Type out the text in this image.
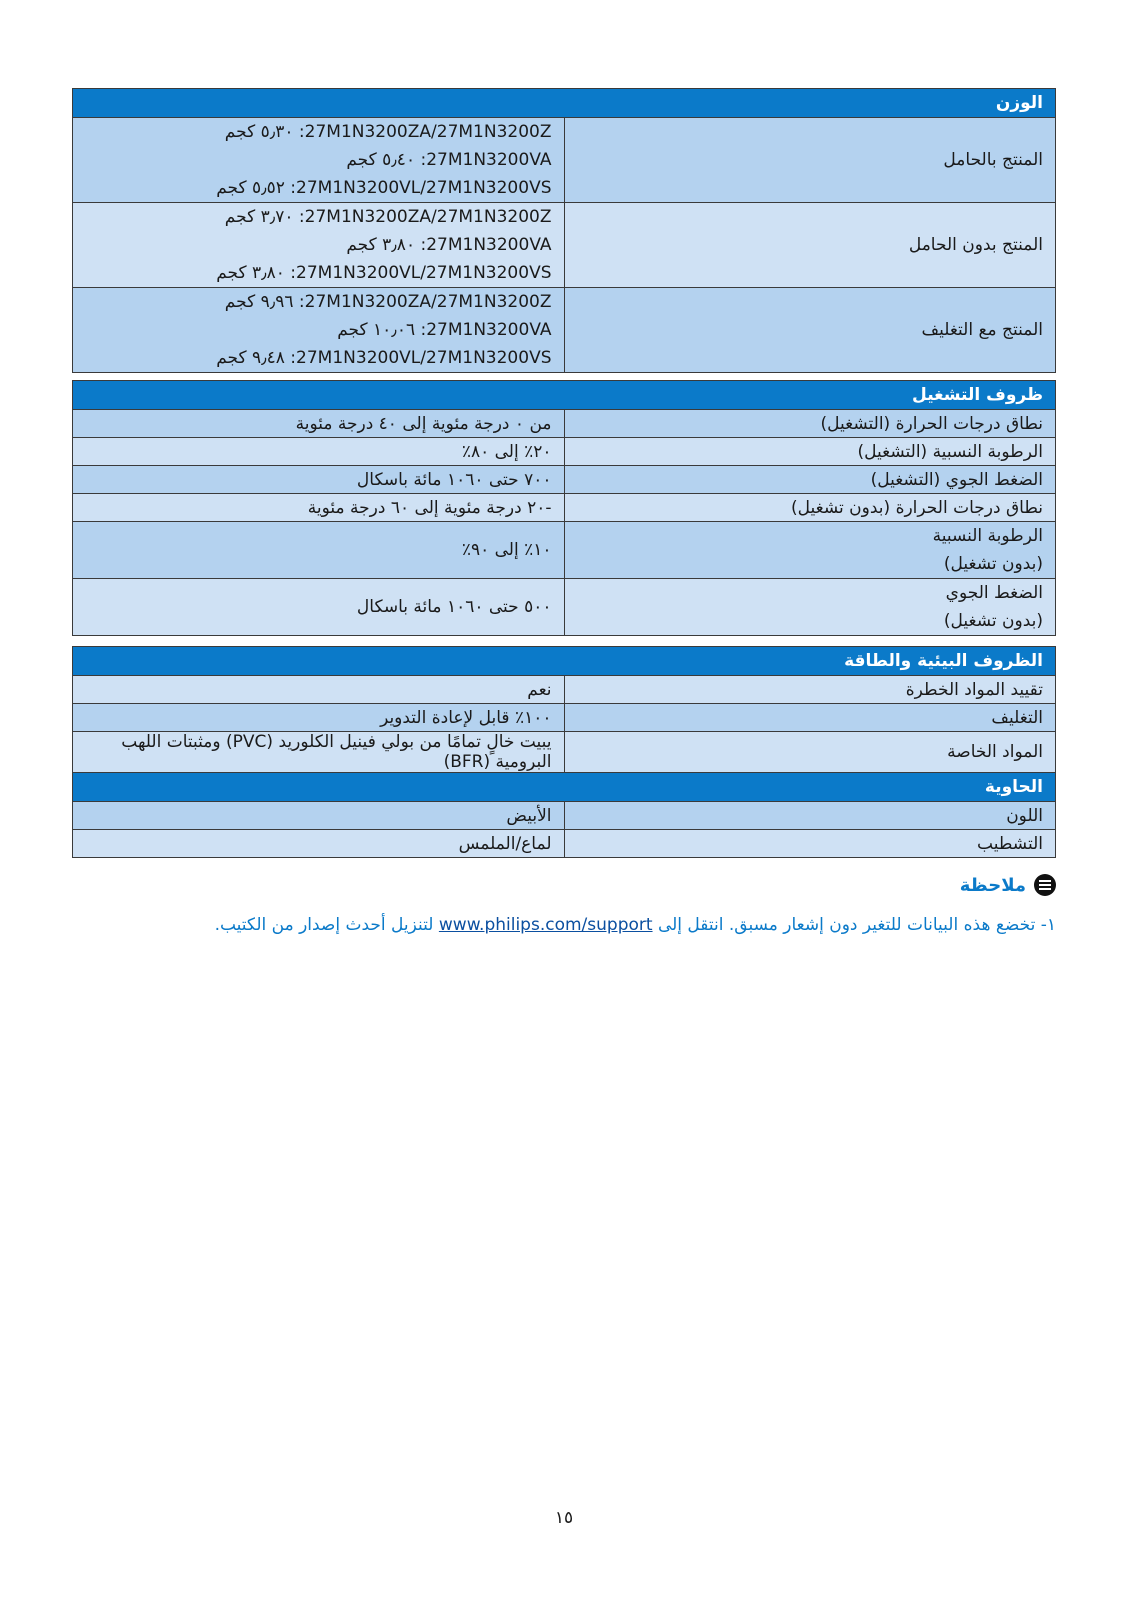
الوزن	
المنتج بالحامل	27M1N3200ZA/27M1N3200Z: ٥٫٣٠ كجم
27M1N3200VA: ٥٫٤٠ كجم
27M1N3200VL/27M1N3200VS: ٥٫٥٢ كجم

المنتج بدون الحامل	27M1N3200ZA/27M1N3200Z: ٣٫٧٠ كجم
27M1N3200VA: ٣٫٨٠ كجم
27M1N3200VL/27M1N3200VS: ٣٫٨٠ كجم

المنتج مع التغليف	27M1N3200ZA/27M1N3200Z: ٩٫٩٦ كجم
27M1N3200VA: ١٠٫٠٦ كجم
27M1N3200VL/27M1N3200VS: ٩٫٤٨ كجم
ظروف التشغيل	
نطاق درجات الحرارة (التشغيل)	من ٠ درجة مئوية إلى ٤٠ درجة مئوية
الرطوبة النسبية (التشغيل)	٢٠٪ إلى ٨٠٪
الضغط الجوي (التشغيل)	٧٠٠ حتى ١٠٦٠ مائة باسكال
نطاق درجات الحرارة (بدون تشغيل)	-٢٠ درجة مئوية إلى ٦٠ درجة مئوية

الرطوبة النسبية
(بدون تشغيل)	١٠٪ إلى ٩٠٪

الضغط الجوي
(بدون تشغيل)	٥٠٠ حتى ١٠٦٠ مائة باسكال
الظروف البيئية والطاقة	
تقييد المواد الخطرة	نعم
التغليف	١٠٠٪ قابل لإعادة التدوير
المواد الخاصة	يبيت خالٍ تمامًا من بولي فينيل الكلوريد (PVC) ومثبتات اللهب البرومية (BFR)
الحاوية	
اللون	الأبيض
التشطيب	لماع/الملمس
ملاحظة
١- تخضع هذه البيانات للتغير دون إشعار مسبق. انتقل إلى www.philips.com/support لتنزيل أحدث إصدار من الكتيب.
١٥
